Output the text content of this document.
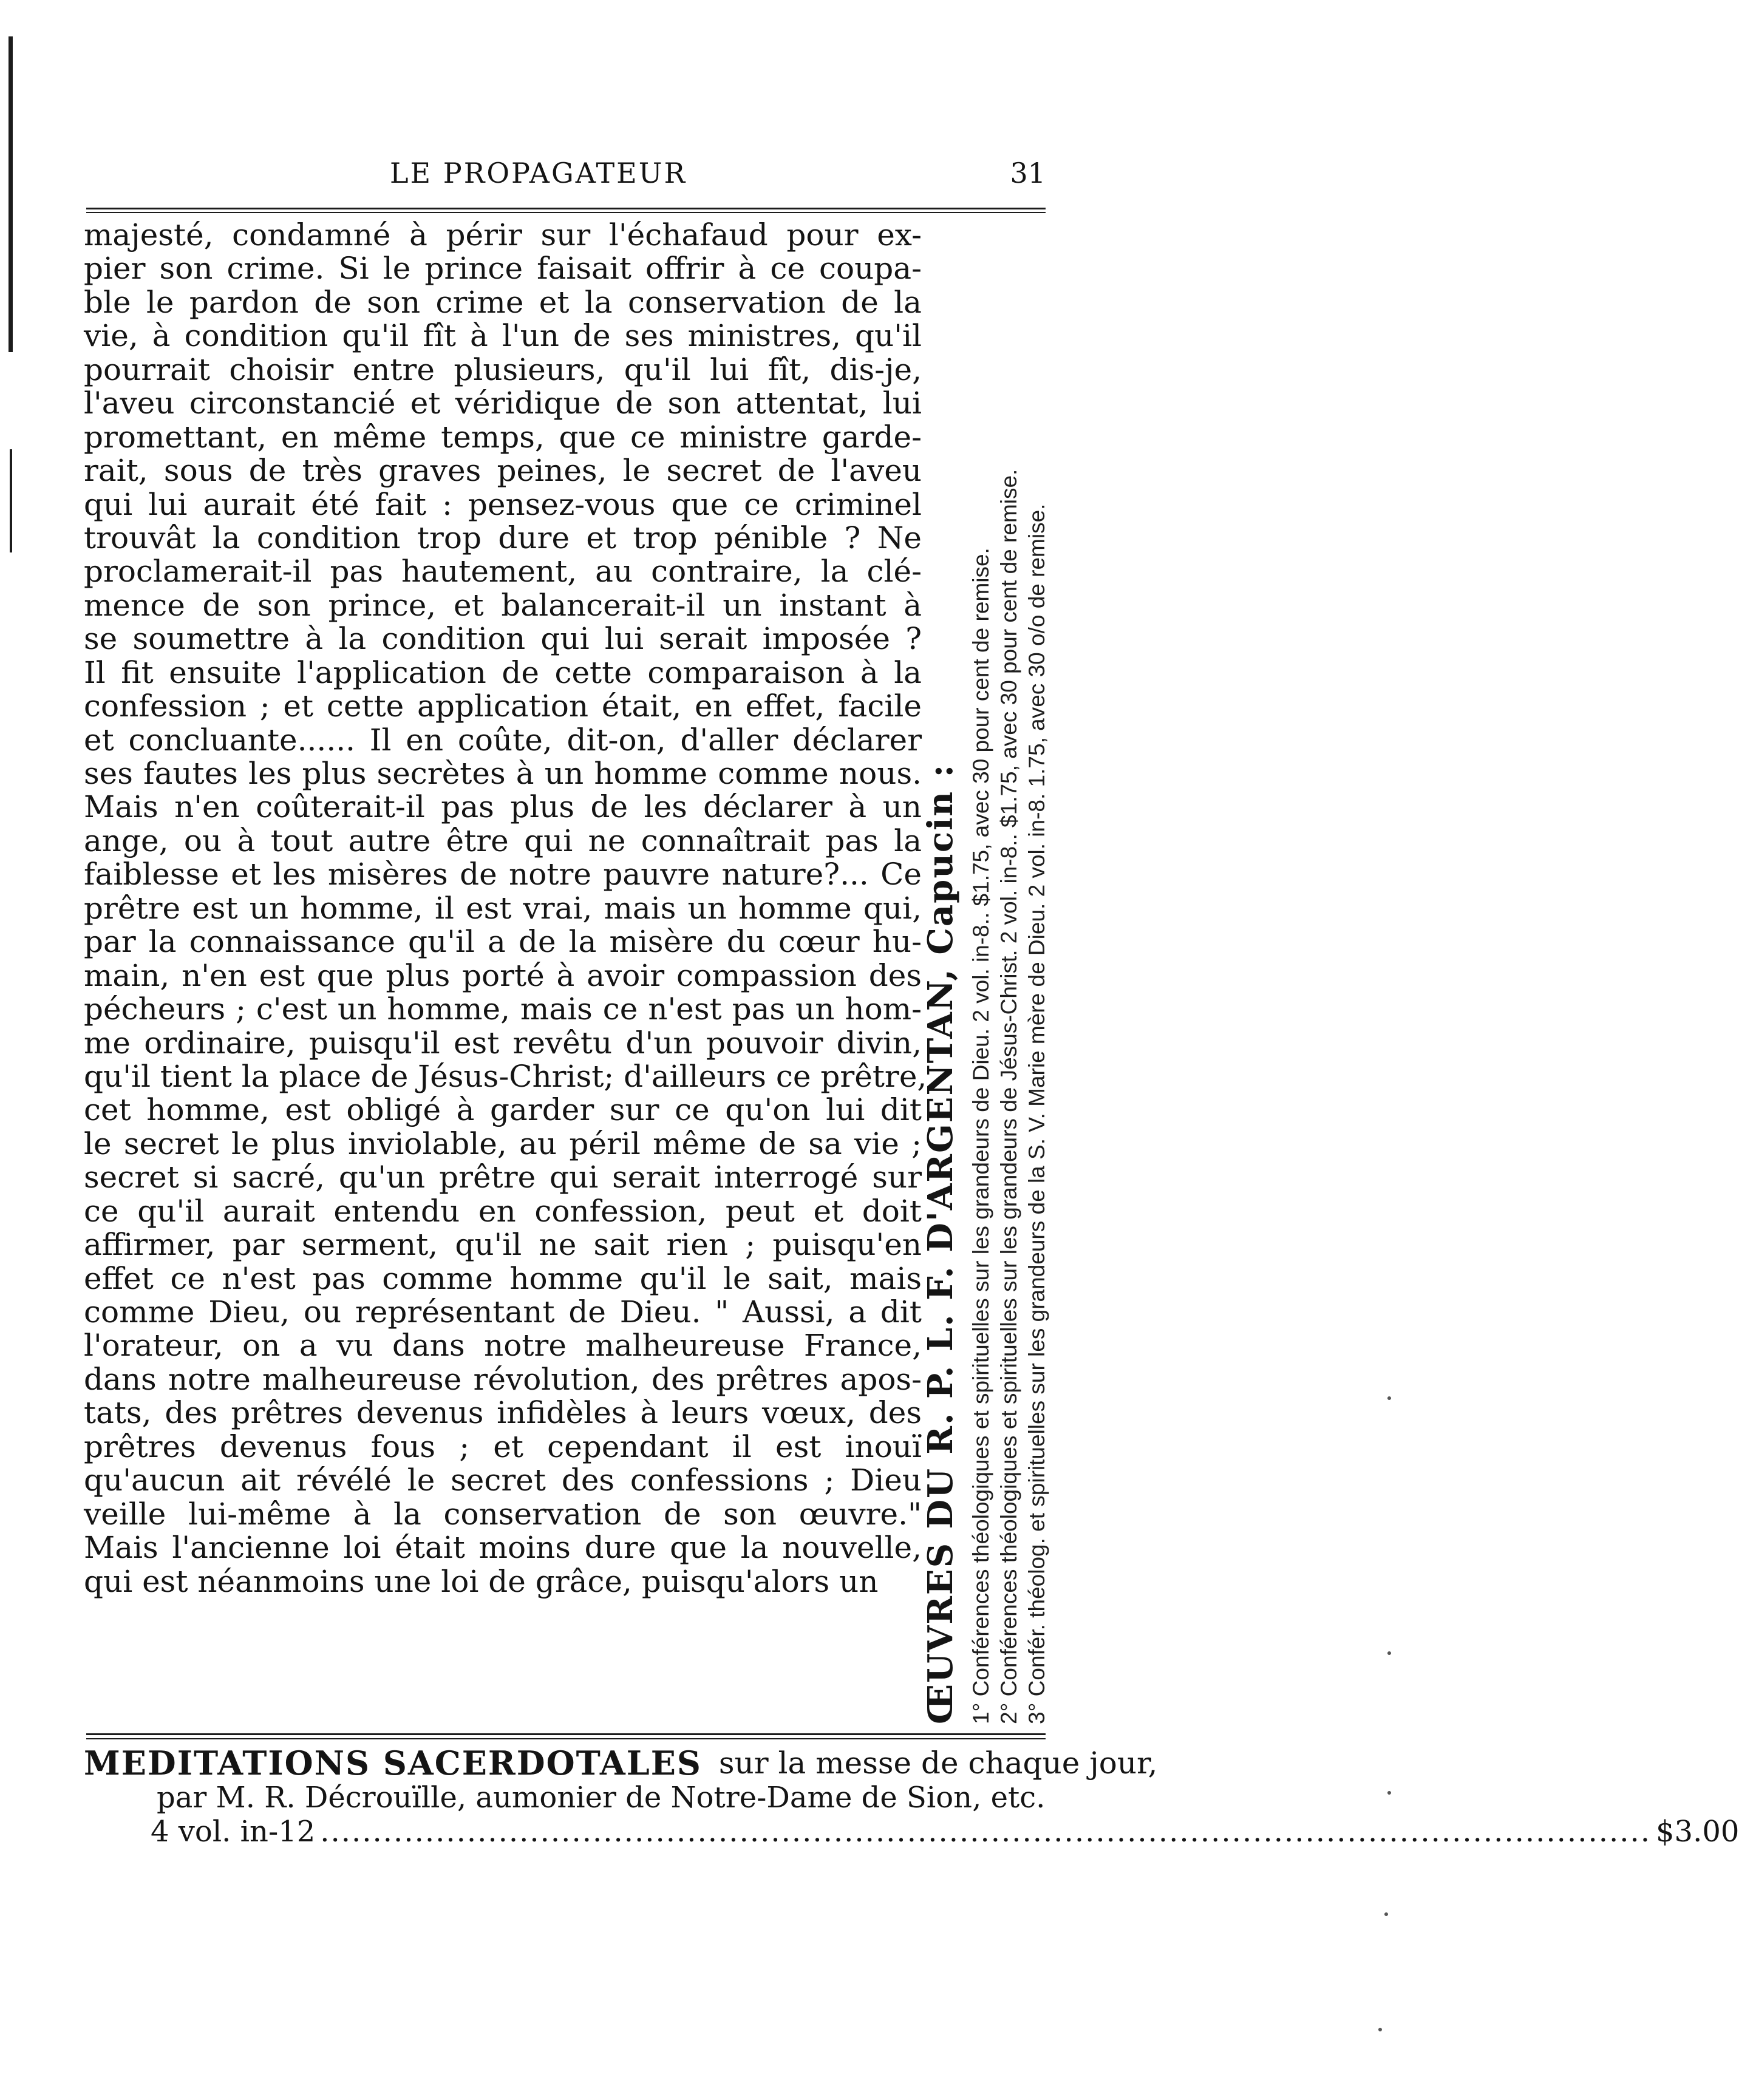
LE PROPAGATEUR	31
majesté, condamné à périr sur l'échafaud pour ex-
pier son crime. Si le prince faisait offrir à ce coupa-
ble le pardon de son crime et la conservation de la
vie, à condition qu'il fît à l'un de ses ministres, qu'il
pourrait choisir entre plusieurs, qu'il lui fît, dis-je,
l'aveu circonstancié et véridique de son attentat, lui
promettant, en même temps, que ce ministre garde-
rait, sous de très graves peines, le secret de l'aveu
qui lui aurait été fait : pensez-vous que ce criminel
trouvât la condition trop dure et trop pénible ? Ne
proclamerait-il pas hautement, au contraire, la clé-
mence de son prince, et balancerait-il un instant à
se soumettre à la condition qui lui serait imposée ?
Il fit ensuite l'application de cette comparaison à la
confession ; et cette application était, en effet, facile
et concluante...... Il en coûte, dit-on, d'aller déclarer
ses fautes les plus secrètes à un homme comme nous.
Mais n'en coûterait-il pas plus de les déclarer à un
ange, ou à tout autre être qui ne connaîtrait pas la
faiblesse et les misères de notre pauvre nature?... Ce
prêtre est un homme, il est vrai, mais un homme qui,
par la connaissance qu'il a de la misère du cœur hu-
main, n'en est que plus porté à avoir compassion des
pécheurs ; c'est un homme, mais ce n'est pas un hom-
me ordinaire, puisqu'il est revêtu d'un pouvoir divin,
qu'il tient la place de Jésus-Christ; d'ailleurs ce prêtre,
cet homme, est obligé à garder sur ce qu'on lui dit
le secret le plus inviolable, au péril même de sa vie ;
secret si sacré, qu'un prêtre qui serait interrogé sur
ce qu'il aurait entendu en confession, peut et doit
affirmer, par serment, qu'il ne sait rien ; puisqu'en
effet ce n'est pas comme homme qu'il le sait, mais
comme Dieu, ou représentant de Dieu. " Aussi, a dit
l'orateur, on a vu dans notre malheureuse France,
dans notre malheureuse révolution, des prêtres apos-
tats, des prêtres devenus infidèles à leurs vœux, des
prêtres devenus fous ; et cependant il est inouï
qu'aucun ait révélé le secret des confessions ; Dieu
veille lui-même à la conservation de son œuvre."
Mais l'ancienne loi était moins dure que la nouvelle,
qui est néanmoins une loi de grâce, puisqu'alors un	ŒUVRES DU R. P. L. F. D'ARGENTAN, Capucin : 1° Conférences théologiques et spirituelles sur les grandeurs de Dieu. 2 vol. in-8.. $1.75, avec 30 pour cent de remise. 2° Conférences théologiques et spirituelles sur les grandeurs de Jésus-Christ. 2 vol. in-8.. $1.75, avec 30 pour cent de remise. 3° Confér. théolog. et spirituelles sur les grandeurs de la S. V. Marie mère de Dieu. 2 vol. in-8. 1.75, avec 30 o/o de remise.
MEDITATIONS SACERDOTALES sur la messe de chaque jour,
par M. R. Décrouïlle, aumonier de Notre-Dame de Sion, etc.
4 vol. in-12 ............................................................................................................................... $3.00
